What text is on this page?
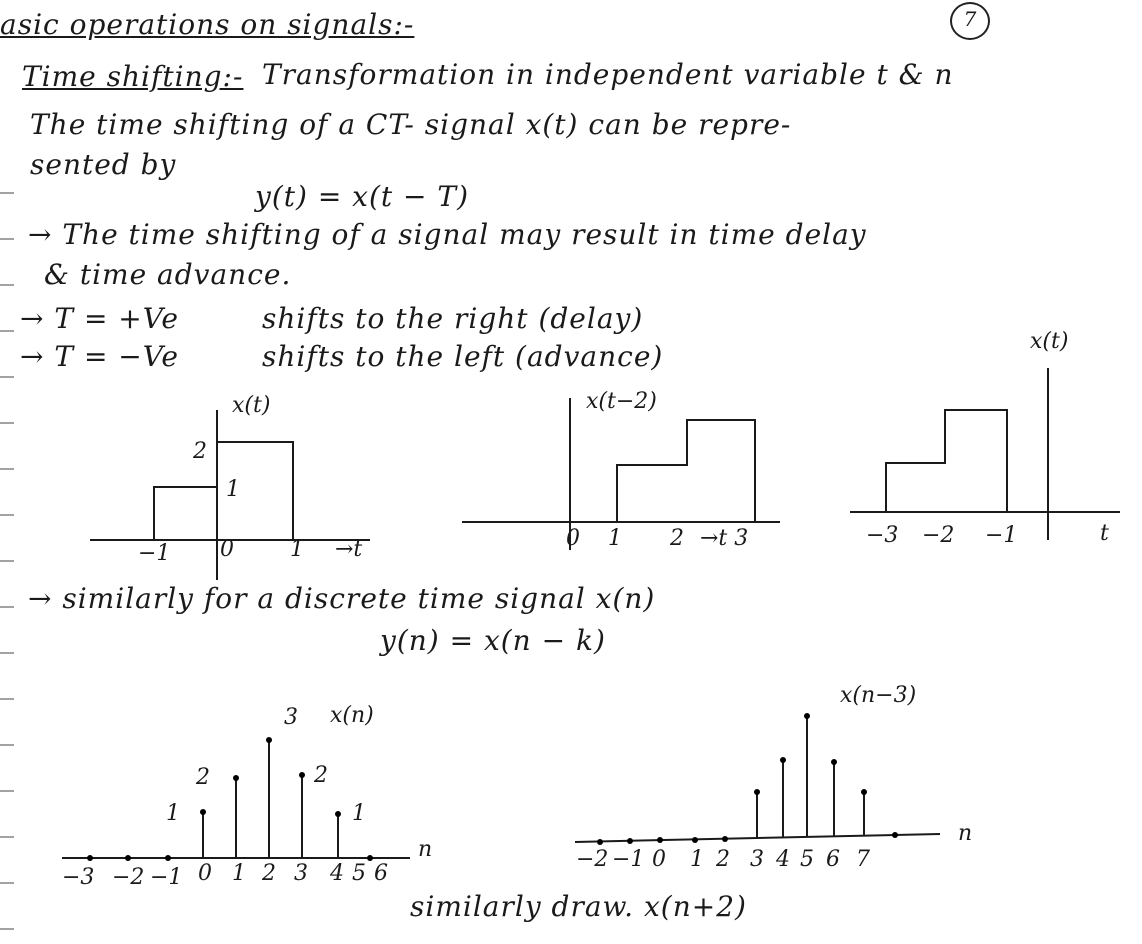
7
asic operations on signals:-
Time shifting:- Transformation in independent variable t & n
The time shifting of a CT- signal x(t) can be repre-
sented by
y(t) = x(t − T)
→ The time shifting of a signal may result in time delay
& time advance.
→ T = +Ve	shifts to the right (delay)
→ T = −Ve	shifts to the left (advance)
→ similarly for a discrete time signal x(n)
y(n) = x(n − k)
similarly draw. x(n+2)
x(t)
→t
2
1
−1 0	1
x(t−2)
0 1 2 →t 3
x(t)
t
−3 −2 −1
x(n)
n
1
2
3
2
1
−3 −2 −1 0 1 2 3 4 5 6
x(n−3)
n
−2 −1 0 1 2 3 4 5 6 7
